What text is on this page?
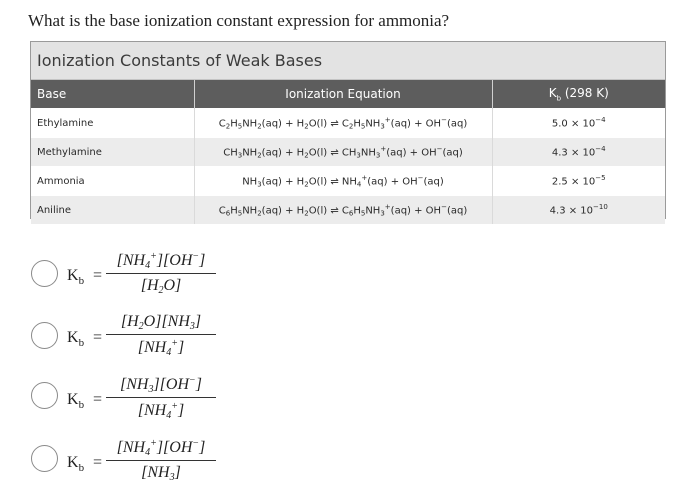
What is the base ionization constant expression for ammonia?
Ionization Constants of Weak Bases
Base	Ionization Equation	$K_b$ (298 K)
Ethylamine	$C_2H_5NH_2(aq) + H_2O(l)$ ⇌ $C_2H_5NH_3^+(aq) + OH^-(aq)$	$5.0 \times 10^{-4}$
Methylamine	$CH_3NH_2(aq) + H_2O(l)$ ⇌ $CH_3NH_3^+(aq) + OH^-(aq)$	$4.3 \times 10^{-4}$
Ammonia	$NH_3(aq) + H_2O(l)$ ⇌ $NH_4^+(aq) + OH^-(aq)$	$2.5 \times 10^{-5}$
Aniline	$C_6H_5NH_2(aq) + H_2O(l)$ ⇌ $C_6H_5NH_3^+(aq) + OH^-(aq)$	$4.3 \times 10^{-10}$
$K_b$ =
$[NH_4^+][OH^-]$
$[H_2O]$
$K_b$ =
$[H_2O][NH_3]$
$[NH_4^+]$
$K_b$ =
$[NH_3][OH^-]$
$[NH_4^+]$
$K_b$ =
$[NH_4^+][OH^-]$
$[NH_3]$
